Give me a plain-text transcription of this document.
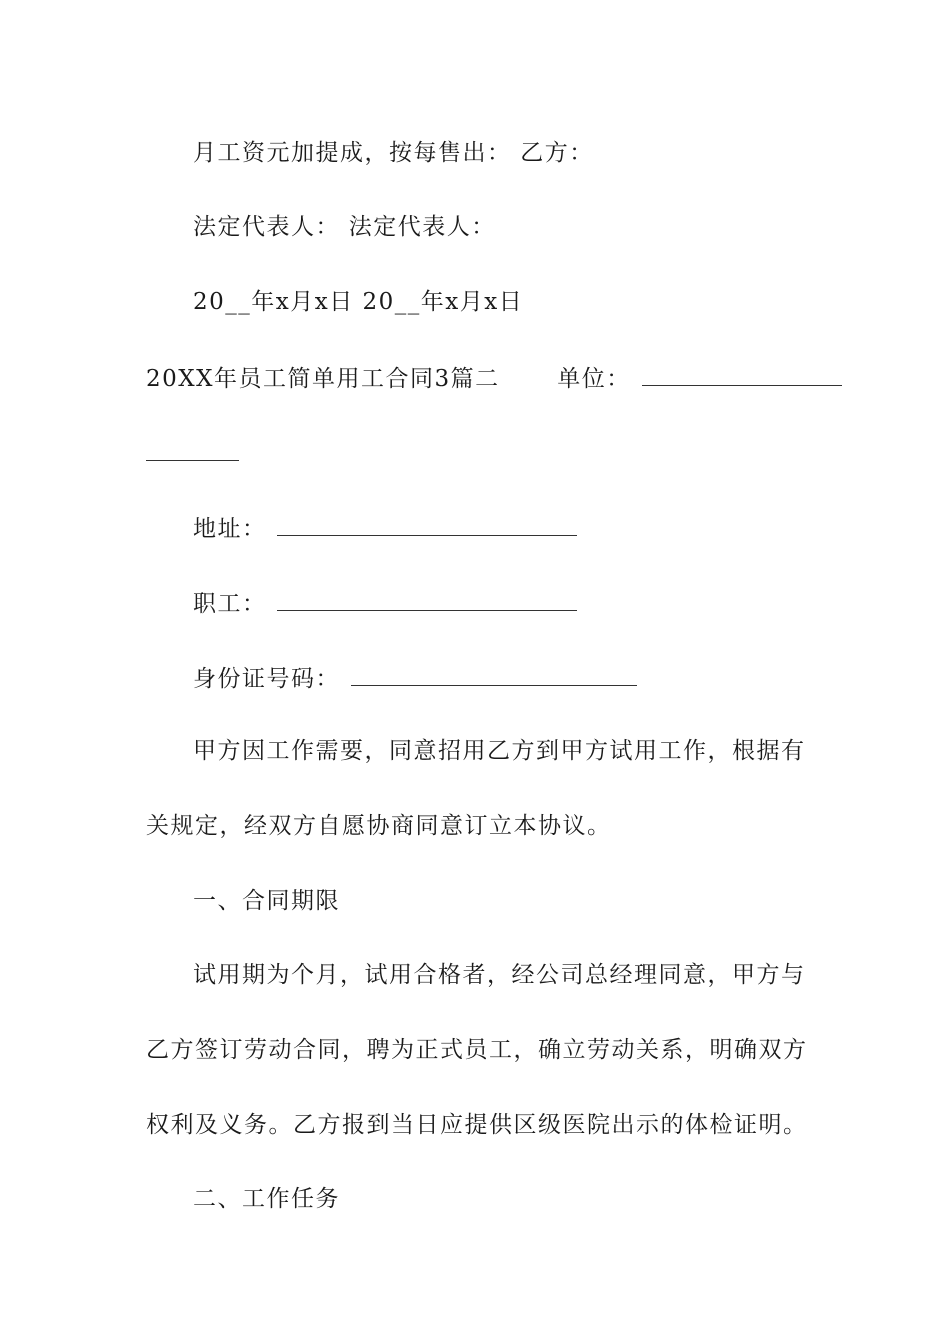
月工资元加提成，按每售出： 乙方：
法定代表人： 法定代表人：
20__年x月x日 20__年x月x日
20XX年员工简单用工合同3篇二	单位：
地址：
职工：
身份证号码：
甲方因工作需要，同意招用乙方到甲方试用工作，根据有
关规定，经双方自愿协商同意订立本协议。
一、合同期限
试用期为个月，试用合格者，经公司总经理同意，甲方与
乙方签订劳动合同，聘为正式员工，确立劳动关系，明确双方
权利及义务。乙方报到当日应提供区级医院出示的体检证明。
二、工作任务
